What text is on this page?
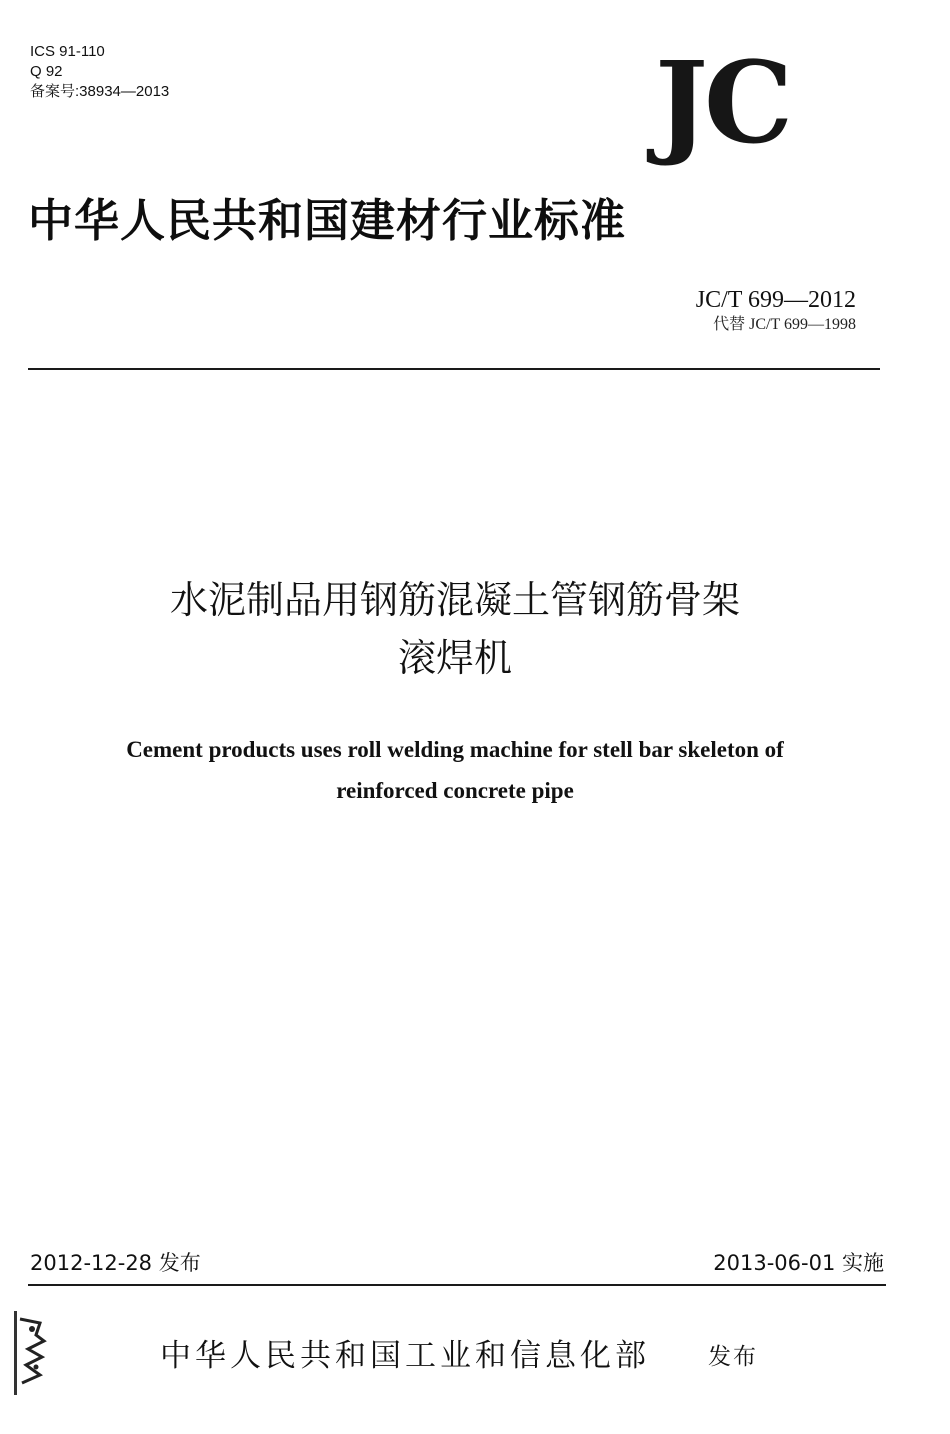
ICS 91-110
Q 92
备案号:38934—2013	JC
中华人民共和国建材行业标准
JC/T 699—2012
代替 JC/T 699—1998
水泥制品用钢筋混凝土管钢筋骨架
滚焊机
Cement products uses roll welding machine for stell bar skeleton of
reinforced concrete pipe
2012-12-28 发布	2013-06-01 实施
中华人民共和国工业和信息化部	发布
